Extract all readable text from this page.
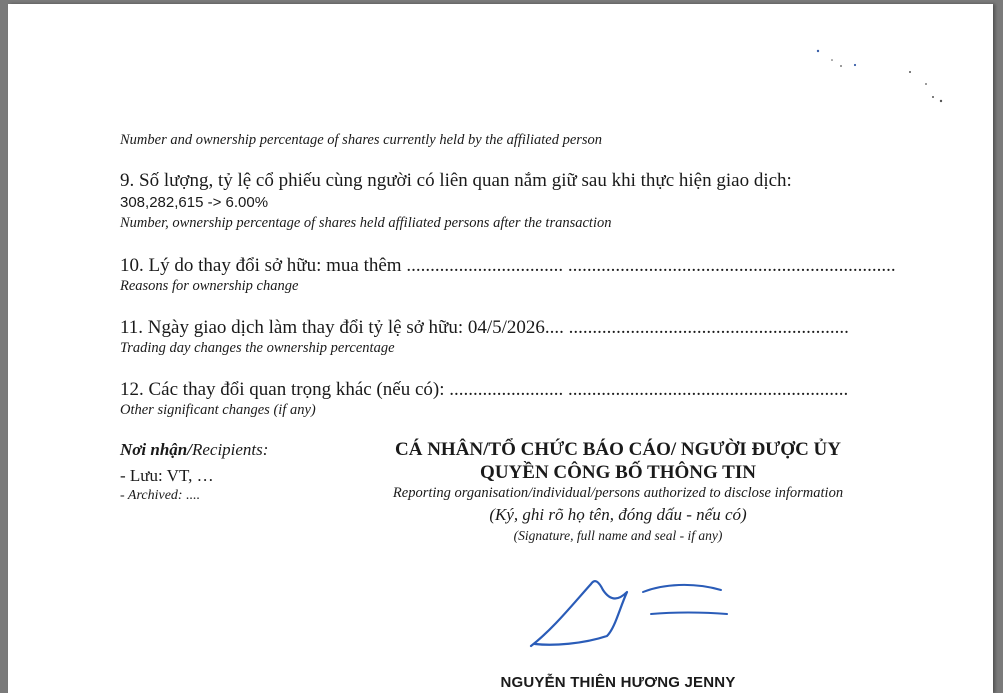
Number and ownership percentage of shares currently held by the affiliated person
9. Số lượng, tỷ lệ cổ phiếu cùng người có liên quan nắm giữ sau khi thực hiện giao dịch:
308,282,615 -> 6.00%
Number, ownership percentage of shares held affiliated persons after the transaction
10. Lý do thay đổi sở hữu: mua thêm ................................. .....................................................................
Reasons for ownership change
11. Ngày giao dịch làm thay đổi tỷ lệ sở hữu: 04/5/2026.... ...........................................................
Trading day changes the ownership percentage
12. Các thay đổi quan trọng khác (nếu có): ........................ ...........................................................
Other significant changes (if any)
Nơi nhận/Recipients:
- Lưu: VT, …
- Archived: ....
CÁ NHÂN/TỔ CHỨC BÁO CÁO/ NGƯỜI ĐƯỢC ỦY
QUYỀN CÔNG BỐ THÔNG TIN
Reporting organisation/individual/persons authorized to disclose information
(Ký, ghi rõ họ tên, đóng dấu - nếu có)
(Signature, full name and seal - if any)
NGUYỄN THIÊN HƯƠNG JENNY
